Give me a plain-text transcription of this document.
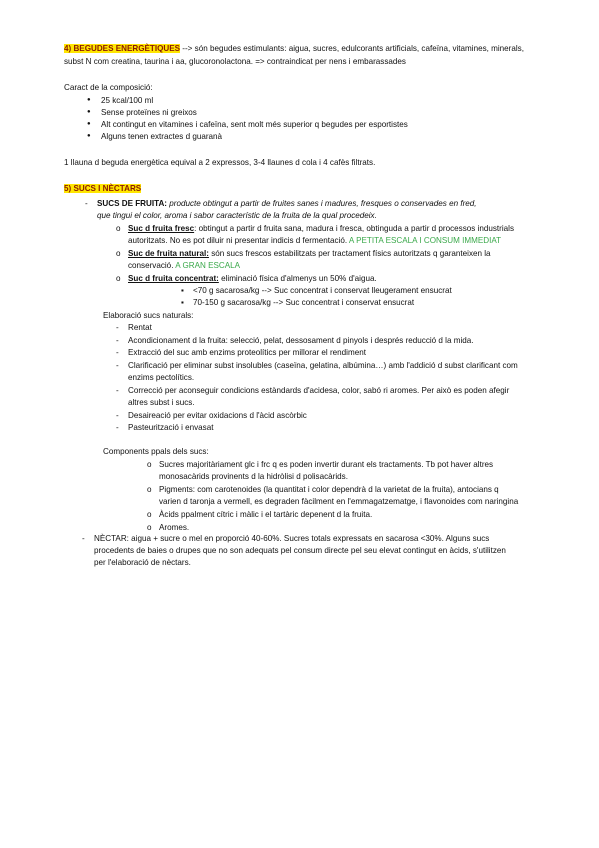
4) BEGUDES ENERGÈTIQUES --> són begudes estimulants: aigua, sucres, edulcorants artificials, cafeïna, vitamines, minerals,
subst N com creatina, taurina i aa, glucoronolactona. => contraindicat per nens i embarassades
Caract de la composició:
● 25 kcal/100 ml
● Sense proteïnes ni greixos
● Alt contingut en vitamines i cafeïna, sent molt més superior q begudes per esportistes
● Alguns tenen extractes d guaranà
1 llauna d beguda energètica equival a 2 expressos, 3-4 llaunes d cola i 4 cafès filtrats.
5) SUCS I NÈCTARS
- SUCS DE FRUITA: producte obtingut a partir de fruites sanes i madures, fresques o conservades en fred,
que tingui el color, aroma i sabor característic de la fruita de la qual procedeix.
o Suc d fruita fresc: obtingut a partir d fruita sana, madura i fresca, obtinguda a partir d processos industrials
autoritzats. No es pot diluir ni presentar indicis d fermentació. A PETITA ESCALA I CONSUM IMMEDIAT
o Suc de fruita natural: són sucs frescos estabilitzats per tractament físics autoritzats q garanteixen la
conservació. A GRAN ESCALA
o Suc d fruita concentrat: eliminació física d'almenys un 50% d'aigua.
▪ <70 g sacarosa/kg --> Suc concentrat i conservat lleugerament ensucrat
▪ 70-150 g sacarosa/kg --> Suc concentrat i conservat ensucrat
Elaboració sucs naturals:
- Rentat
- Acondicionament d la fruita: selecció, pelat, dessosament d pinyols i després reducció d la mida.
- Extracció del suc amb enzims proteolítics per millorar el rendiment
- Clarificació per eliminar subst insolubles (caseïna, gelatina, albúmina…) amb l'addició d subst clarificant com
enzims pectolítics.
- Correcció per aconseguir condicions estàndards d'acidesa, color, sabó ri aromes. Per això es poden afegir
altres subst i sucs.
- Desaireació per evitar oxidacions d l'àcid ascòrbic
- Pasteurització i envasat
Components ppals dels sucs:
o Sucres majoritàriament glc i frc q es poden invertir durant els tractaments. Tb pot haver altres
monosacàrids provinents d la hidròlisi d polisacàrids.
o Pigments: com carotenoides (la quantitat i color dependrà d la varietat de la fruita), antocians q
varien d taronja a vermell, es degraden fàcilment en l'emmagatzematge, i flavonoides com naringina
o Àcids ppalment cítric i màlic i el tartàric depenent d la fruita.
o Aromes.
- NÈCTAR: aigua + sucre o mel en proporció 40-60%. Sucres totals expressats en sacarosa <30%. Alguns sucs
procedents de baies o drupes que no son adequats pel consum directe pel seu elevat contingut en àcids, s'utilitzen
per l'elaboració de nèctars.
